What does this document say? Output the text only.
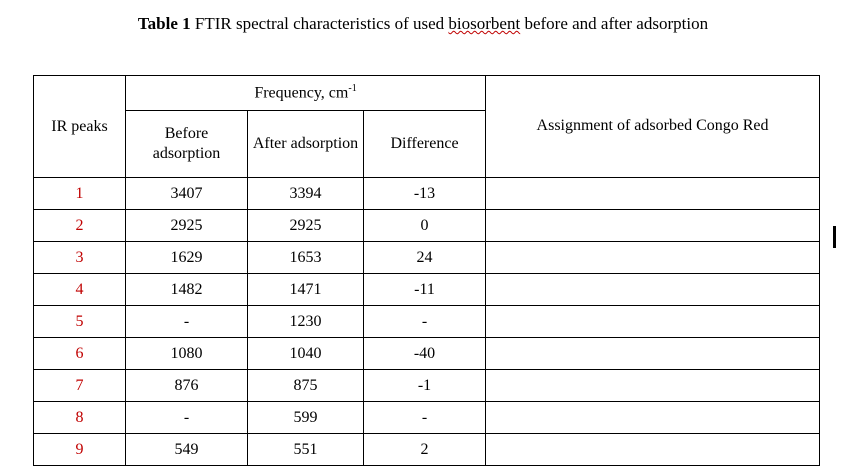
Table 1 FTIR spectral characteristics of used biosorbent before and after adsorption
IR peaks	Frequency, $cm^{-1}$			Assignment of adsorbed Congo Red
	Before adsorption	After adsorption	Difference	
1	3407	3394	-13	
2	2925	2925	0	
3	1629	1653	24	
4	1482	1471	-11	
5	-	1230	-	
6	1080	1040	-40	
7	876	875	-1	
8	-	599	-	
9	549	551	2	
